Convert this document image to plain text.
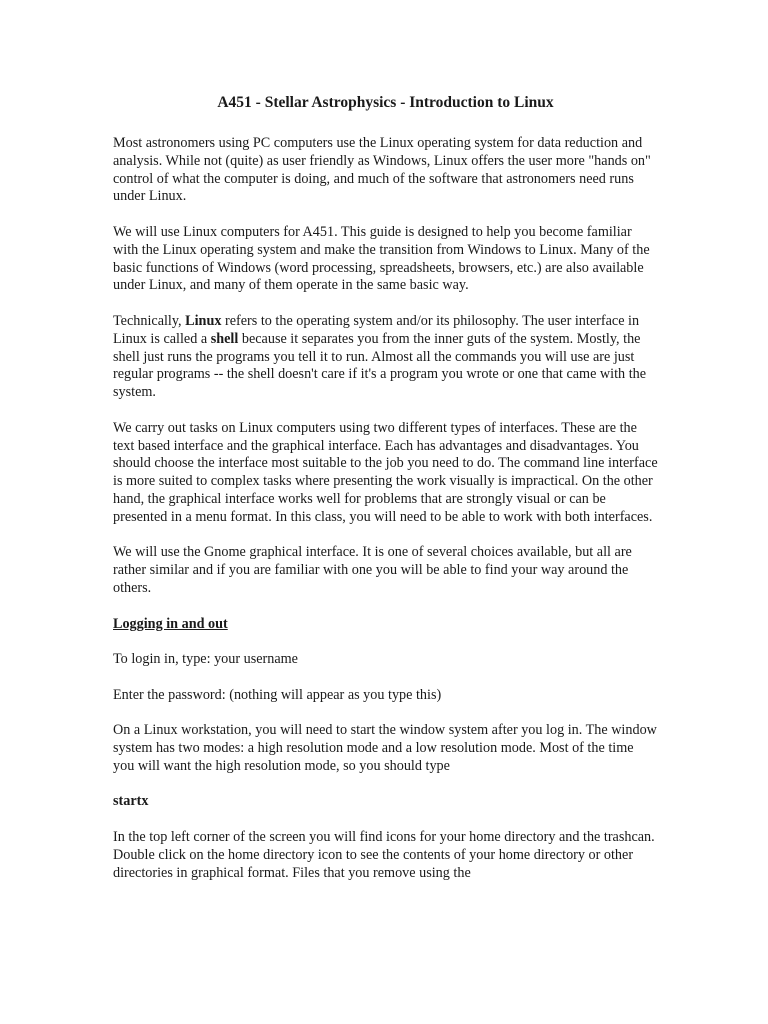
A451 - Stellar Astrophysics - Introduction to Linux

Most astronomers using PC computers use the Linux operating system for data reduction and analysis. While not (quite) as user friendly as Windows, Linux offers the user more "hands on" control of what the computer is doing, and much of the software that astronomers need runs under Linux.

We will use Linux computers for A451. This guide is designed to help you become familiar with the Linux operating system and make the transition from Windows to Linux. Many of the basic functions of Windows (word processing, spreadsheets, browsers, etc.) are also available under Linux, and many of them operate in the same basic way.

Technically, Linux refers to the operating system and/or its philosophy. The user interface in Linux is called a shell because it separates you from the inner guts of the system. Mostly, the shell just runs the programs you tell it to run. Almost all the commands you will use are just regular programs -- the shell doesn't care if it's a program you wrote or one that came with the system.

We carry out tasks on Linux computers using two different types of interfaces. These are the text based interface and the graphical interface. Each has advantages and disadvantages. You should choose the interface most suitable to the job you need to do. The command line interface is more suited to complex tasks where presenting the work visually is impractical. On the other hand, the graphical interface works well for problems that are strongly visual or can be presented in a menu format. In this class, you will need to be able to work with both interfaces.

We will use the Gnome graphical interface. It is one of several choices available, but all are rather similar and if you are familiar with one you will be able to find your way around the others.

Logging in and out

To login in, type: your username

Enter the password: (nothing will appear as you type this)

On a Linux workstation, you will need to start the window system after you log in. The window system has two modes: a high resolution mode and a low resolution mode. Most of the time you will want the high resolution mode, so you should type

startx

In the top left corner of the screen you will find icons for your home directory and the trashcan. Double click on the home directory icon to see the contents of your home directory or other directories in graphical format. Files that you remove using the
